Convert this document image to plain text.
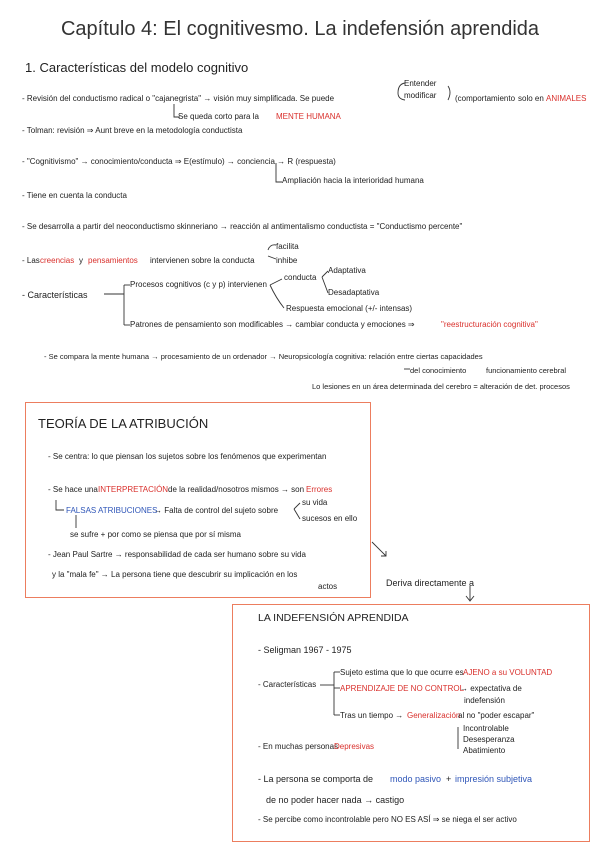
Capítulo 4: El cognitivesmo. La indefensión aprendida
1. Características del modelo cognitivo
- Revisión del conductismo radical o "cajanegrista" → visión muy simplificada. Se puede
Entender
modificar (comportamiento solo en ANIMALES
Se queda corto para la MENTE HUMANA
- Tolman: revisión ⇒ Aunt breve en la metodología conductista
- "Cognitivismo" → conocimiento/conducta ⇒ E(estímulo) → conciencia → R (respuesta)
Ampliación hacia la interioridad humana
- Tiene en cuenta la conducta
- Se desarrolla a partir del neoconductismo skinneriano → reacción al antimentalismo conductista = "Conductismo percente"
- Las creencias y pensamientos intervienen sobre la conducta
facilita
inhibe
- Características
Procesos cognitivos (c y p) intervienen
conducta
Adaptativa
Desadaptativa
Respuesta emocional (+/- intensas)
Patrones de pensamiento son modificables → cambiar conducta y emociones ⇒	"reestructuración cognitiva"
- Se compara la mente humana → procesamiento de un ordenador → Neuropsicología cognitiva: relación entre ciertas capacidades
del conocimiento	funcionamiento cerebral
Lo lesiones en un área determinada del cerebro = alteración de det. procesos
TEORÍA DE LA ATRIBUCIÓN
- Se centra: lo que piensan los sujetos sobre los fenómenos que experimentan
- Se hace una INTERPRETACIÓN de la realidad/nosotros mismos → son Errores
FALSAS ATRIBUCIONES
→ Falta de control del sujeto sobre
su vida
sucesos en ello
se sufre + por como se piensa que por sí misma
- Jean Paul Sartre → responsabilidad de cada ser humano sobre su vida
y la "mala fe" → La persona tiene que descubrir su implicación en los
actos	Deriva directamente a
LA INDEFENSIÓN APRENDIDA
- Seligman 1967 - 1975
- Características
Sujeto estima que lo que ocurre es AJENO a su VOLUNTAD
APRENDIZAJE DE NO CONTROL
→ expectativa de
indefensión
Tras un tiempo → Generalización
al no "poder escapar"
Incontrolable
Desesperanza
Abatimiento
- En muchas personas
Depresivas
- La persona se comporta de modo pasivo + impresión subjetiva
de no poder hacer nada → castigo
- Se percibe como incontrolable pero NO ES ASÍ ⇒ se niega el ser activo
